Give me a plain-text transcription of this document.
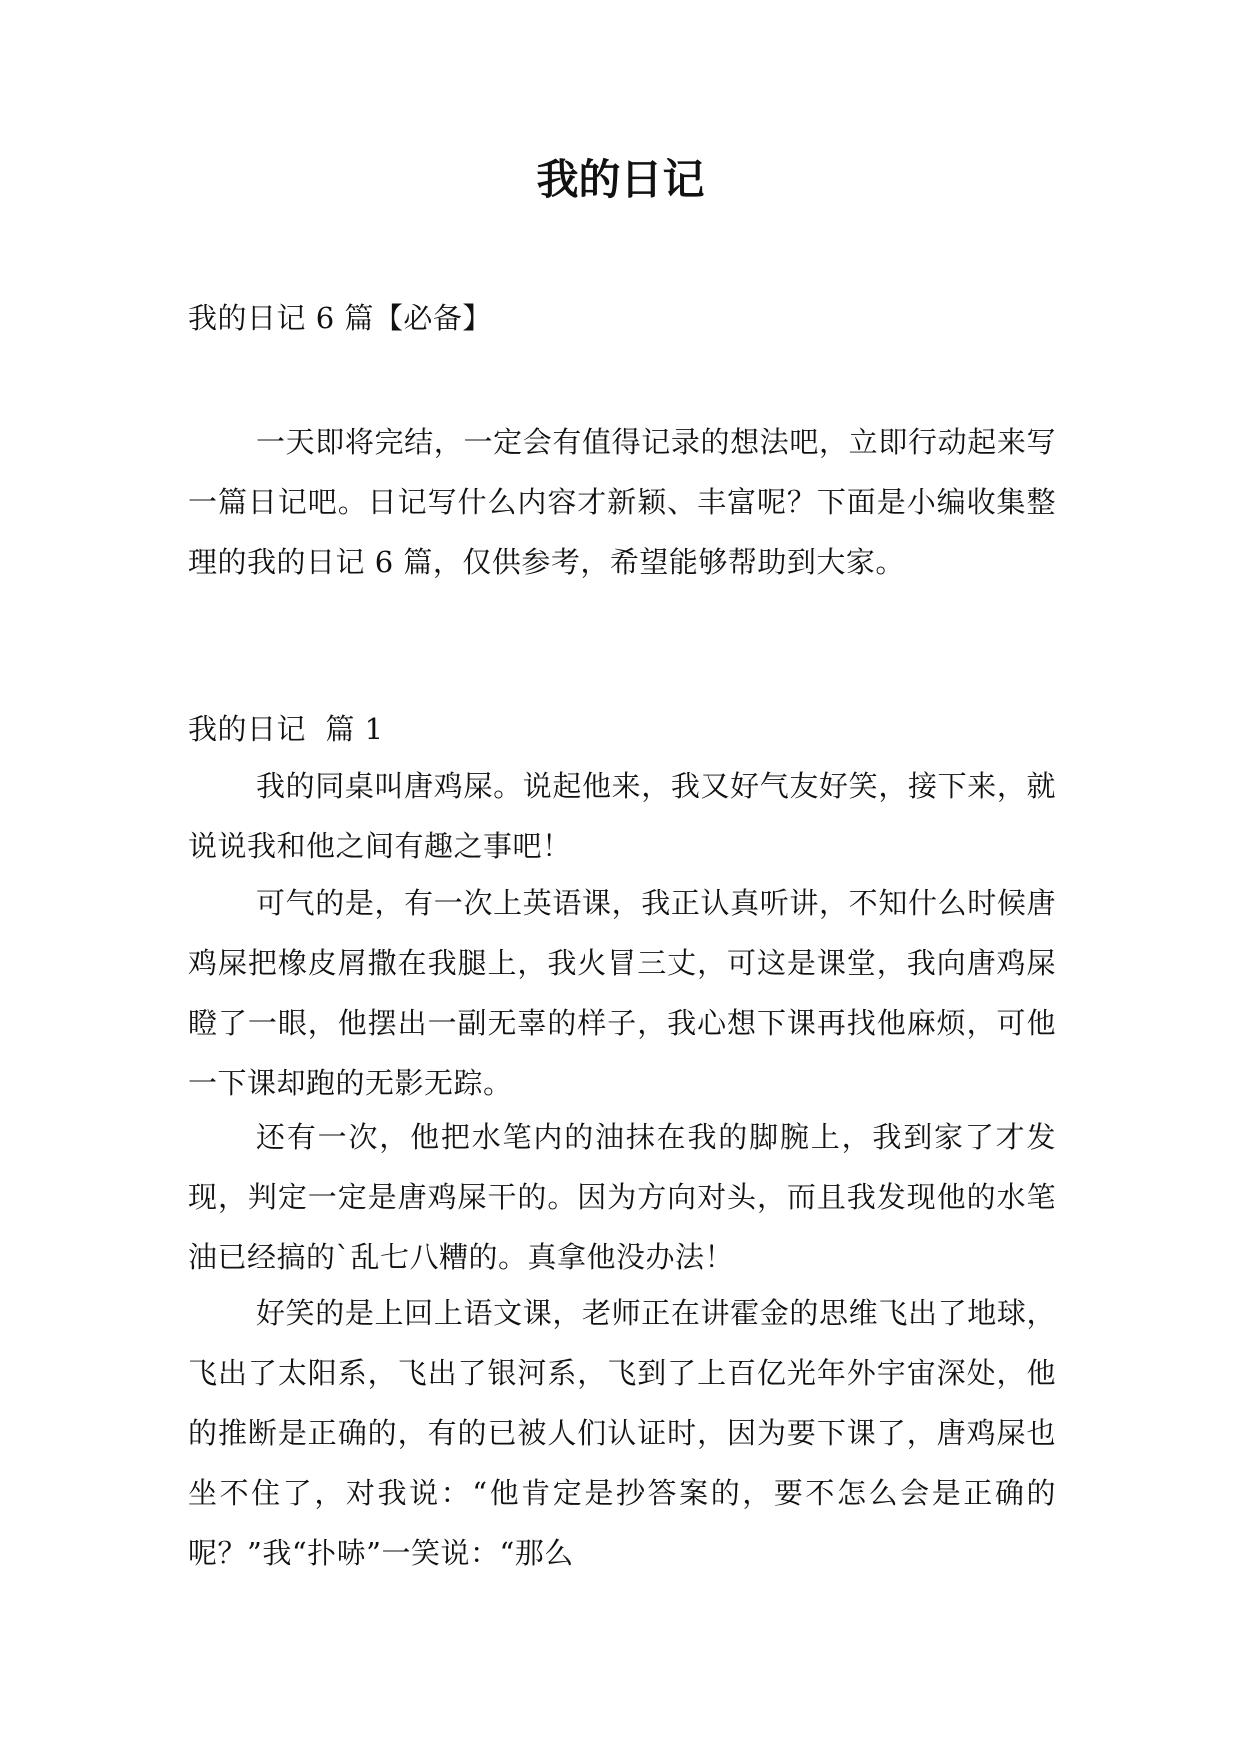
我的日记

我的日记 6 篇【必备】

一天即将完结，一定会有值得记录的想法吧，立即行动起来写一篇日记吧。日记写什么内容才新颖、丰富呢？下面是小编收集整理的我的日记 6 篇，仅供参考，希望能够帮助到大家。

我的日记  篇 1

我的同桌叫唐鸡屎。说起他来，我又好气友好笑，接下来，就说说我和他之间有趣之事吧！

可气的是，有一次上英语课，我正认真听讲，不知什么时候唐鸡屎把橡皮屑撒在我腿上，我火冒三丈，可这是课堂，我向唐鸡屎瞪了一眼，他摆出一副无辜的样子，我心想下课再找他麻烦，可他一下课却跑的无影无踪。

还有一次，他把水笔内的油抹在我的脚腕上，我到家了才发现，判定一定是唐鸡屎干的。因为方向对头，而且我发现他的水笔油已经搞的`乱七八糟的。真拿他没办法！

好笑的是上回上语文课，老师正在讲霍金的思维飞出了地球，飞出了太阳系，飞出了银河系，飞到了上百亿光年外宇宙深处，他的推断是正确的，有的已被人们认证时，因为要下课了，唐鸡屎也坐不住了，对我说：“他肯定是抄答案的，要不怎么会是正确的呢？”我“扑哧”一笑说：“那么
